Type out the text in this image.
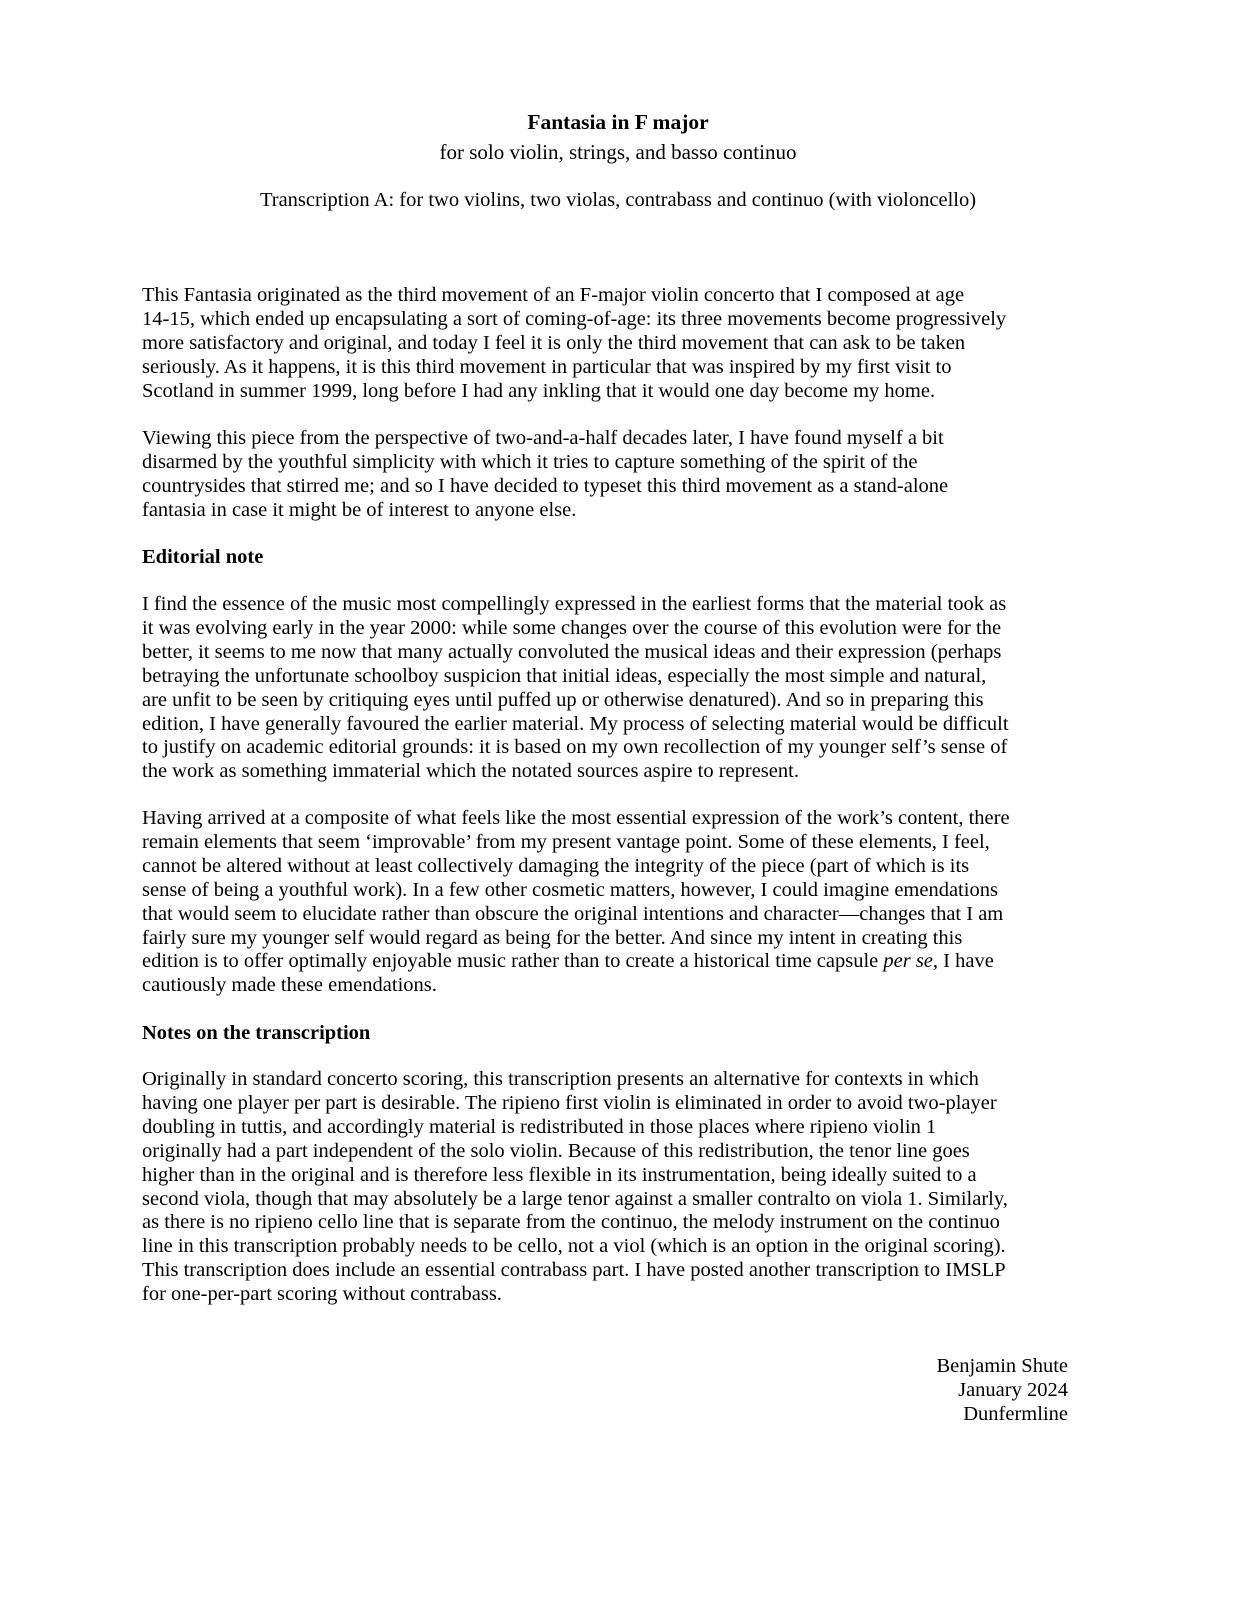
Fantasia in F major
for solo violin, strings, and basso continuo
Transcription A: for two violins, two violas, contrabass and continuo (with violoncello)
This Fantasia originated as the third movement of an F-major violin concerto that I composed at age
14-15, which ended up encapsulating a sort of coming-of-age: its three movements become progressively
more satisfactory and original, and today I feel it is only the third movement that can ask to be taken
seriously. As it happens, it is this third movement in particular that was inspired by my first visit to
Scotland in summer 1999, long before I had any inkling that it would one day become my home.
Viewing this piece from the perspective of two-and-a-half decades later, I have found myself a bit
disarmed by the youthful simplicity with which it tries to capture something of the spirit of the
countrysides that stirred me; and so I have decided to typeset this third movement as a stand-alone
fantasia in case it might be of interest to anyone else.
Editorial note
I find the essence of the music most compellingly expressed in the earliest forms that the material took as
it was evolving early in the year 2000: while some changes over the course of this evolution were for the
better, it seems to me now that many actually convoluted the musical ideas and their expression (perhaps
betraying the unfortunate schoolboy suspicion that initial ideas, especially the most simple and natural,
are unfit to be seen by critiquing eyes until puffed up or otherwise denatured). And so in preparing this
edition, I have generally favoured the earlier material. My process of selecting material would be difficult
to justify on academic editorial grounds: it is based on my own recollection of my younger self’s sense of
the work as something immaterial which the notated sources aspire to represent.
Having arrived at a composite of what feels like the most essential expression of the work’s content, there
remain elements that seem ‘improvable’ from my present vantage point. Some of these elements, I feel,
cannot be altered without at least collectively damaging the integrity of the piece (part of which is its
sense of being a youthful work). In a few other cosmetic matters, however, I could imagine emendations
that would seem to elucidate rather than obscure the original intentions and character—changes that I am
fairly sure my younger self would regard as being for the better. And since my intent in creating this
edition is to offer optimally enjoyable music rather than to create a historical time capsule per se, I have
cautiously made these emendations.
Notes on the transcription
Originally in standard concerto scoring, this transcription presents an alternative for contexts in which
having one player per part is desirable. The ripieno first violin is eliminated in order to avoid two-player
doubling in tuttis, and accordingly material is redistributed in those places where ripieno violin 1
originally had a part independent of the solo violin. Because of this redistribution, the tenor line goes
higher than in the original and is therefore less flexible in its instrumentation, being ideally suited to a
second viola, though that may absolutely be a large tenor against a smaller contralto on viola 1. Similarly,
as there is no ripieno cello line that is separate from the continuo, the melody instrument on the continuo
line in this transcription probably needs to be cello, not a viol (which is an option in the original scoring).
This transcription does include an essential contrabass part. I have posted another transcription to IMSLP
for one-per-part scoring without contrabass.
Benjamin Shute
January 2024
Dunfermline
